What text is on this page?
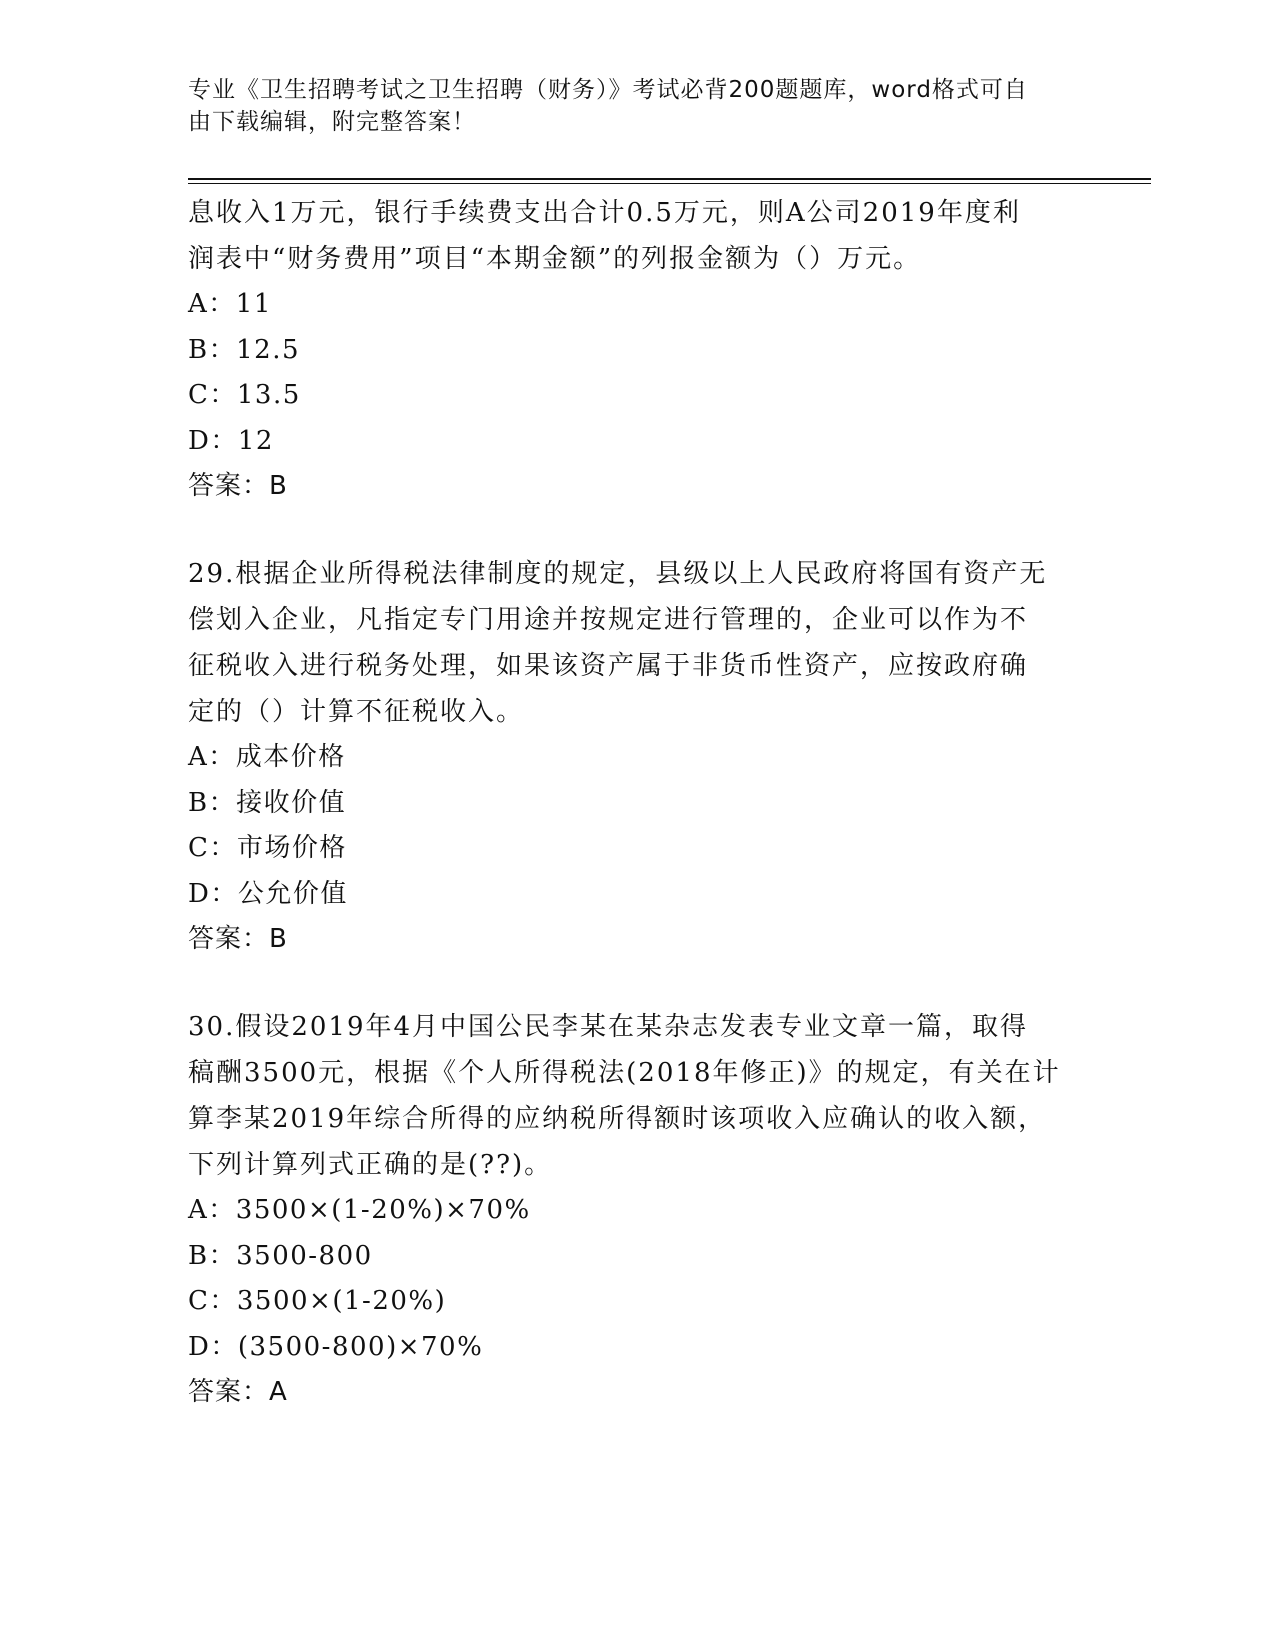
专业《卫生招聘考试之卫生招聘（财务）》考试必背200题题库，word格式可自
由下载编辑，附完整答案！

息收入1万元，银行手续费支出合计0.5万元，则A公司2019年度利
润表中“财务费用”项目“本期金额”的列报金额为（）万元。

A：11

B：12.5

C：13.5

D：12

答案：B

29.根据企业所得税法律制度的规定，县级以上人民政府将国有资产无
偿划入企业，凡指定专门用途并按规定进行管理的，企业可以作为不
征税收入进行税务处理，如果该资产属于非货币性资产，应按政府确
定的（）计算不征税收入。

A：成本价格

B：接收价值

C：市场价格

D：公允价值

答案：B

30.假设2019年4月中国公民李某在某杂志发表专业文章一篇，取得
稿酬3500元，根据《个人所得税法(2018年修正)》的规定，有关在计
算李某2019年综合所得的应纳税所得额时该项收入应确认的收入额，
下列计算列式正确的是(??)。

A：3500×(1-20%)×70%

B：3500-800

C：3500×(1-20%)

D：(3500-800)×70%

答案：A
